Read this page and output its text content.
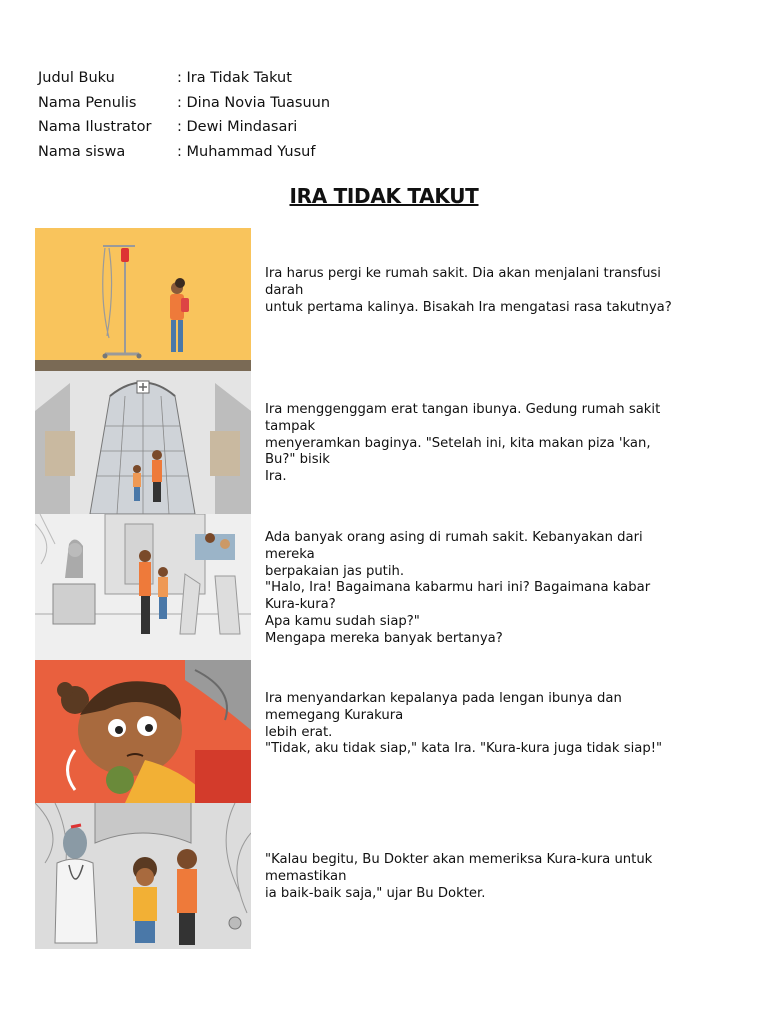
Judul Buku	: Ira Tidak Takut
Nama Penulis	: Dina Novia Tuasuun
Nama Ilustrator	: Dewi Mindasari
Nama siswa	: Muhammad Yusuf
IRA TIDAK TAKUT
Ira harus pergi ke rumah sakit. Dia akan menjalani transfusi darah
untuk pertama kalinya. Bisakah Ira mengatasi rasa takutnya?
Ira menggenggam erat tangan ibunya. Gedung rumah sakit tampak
menyeramkan baginya. "Setelah ini, kita makan piza 'kan, Bu?" bisik
Ira.
Ada banyak orang asing di rumah sakit. Kebanyakan dari mereka
berpakaian jas putih.
"Halo, Ira! Bagaimana kabarmu hari ini? Bagaimana kabar Kura-kura?
Apa kamu sudah siap?"
Mengapa mereka banyak bertanya?
Ira menyandarkan kepalanya pada lengan ibunya dan memegang Kurakura
lebih erat.
"Tidak, aku tidak siap," kata Ira. "Kura-kura juga tidak siap!"
"Kalau begitu, Bu Dokter akan memeriksa Kura-kura untuk memastikan
ia baik-baik saja," ujar Bu Dokter.
